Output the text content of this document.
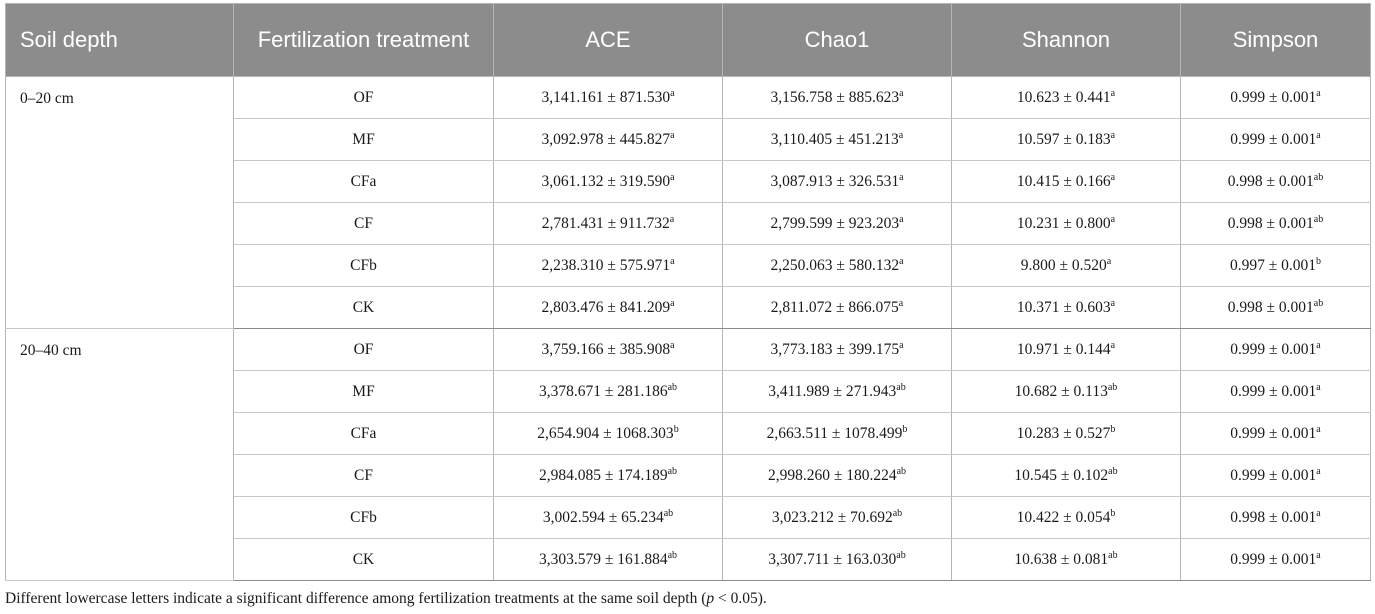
Soil depth	Fertilization treatment	ACE	Chao1	Shannon	Simpson
0–20 cm	OF	3,141.161 ± 871.530$^a$	3,156.758 ± 885.623$^a$	10.623 ± 0.441$^a$	0.999 ± 0.001$^a$
	MF	3,092.978 ± 445.827$^a$	3,110.405 ± 451.213$^a$	10.597 ± 0.183$^a$	0.999 ± 0.001$^a$
	CFa	3,061.132 ± 319.590$^a$	3,087.913 ± 326.531$^a$	10.415 ± 0.166$^a$	0.998 ± 0.001$^{ab}$
	CF	2,781.431 ± 911.732$^a$	2,799.599 ± 923.203$^a$	10.231 ± 0.800$^a$	0.998 ± 0.001$^{ab}$
	CFb	2,238.310 ± 575.971$^a$	2,250.063 ± 580.132$^a$	9.800 ± 0.520$^a$	0.997 ± 0.001$^b$
	CK	2,803.476 ± 841.209$^a$	2,811.072 ± 866.075$^a$	10.371 ± 0.603$^a$	0.998 ± 0.001$^{ab}$
20–40 cm	OF	3,759.166 ± 385.908$^a$	3,773.183 ± 399.175$^a$	10.971 ± 0.144$^a$	0.999 ± 0.001$^a$
	MF	3,378.671 ± 281.186$^{ab}$	3,411.989 ± 271.943$^{ab}$	10.682 ± 0.113$^{ab}$	0.999 ± 0.001$^a$
	CFa	2,654.904 ± 1068.303$^b$	2,663.511 ± 1078.499$^b$	10.283 ± 0.527$^b$	0.999 ± 0.001$^a$
	CF	2,984.085 ± 174.189$^{ab}$	2,998.260 ± 180.224$^{ab}$	10.545 ± 0.102$^{ab}$	0.999 ± 0.001$^a$
	CFb	3,002.594 ± 65.234$^{ab}$	3,023.212 ± 70.692$^{ab}$	10.422 ± 0.054$^b$	0.998 ± 0.001$^a$
	CK	3,303.579 ± 161.884$^{ab}$	3,307.711 ± 163.030$^{ab}$	10.638 ± 0.081$^{ab}$	0.999 ± 0.001$^a$
Different lowercase letters indicate a significant difference among fertilization treatments at the same soil depth (p < 0.05).
